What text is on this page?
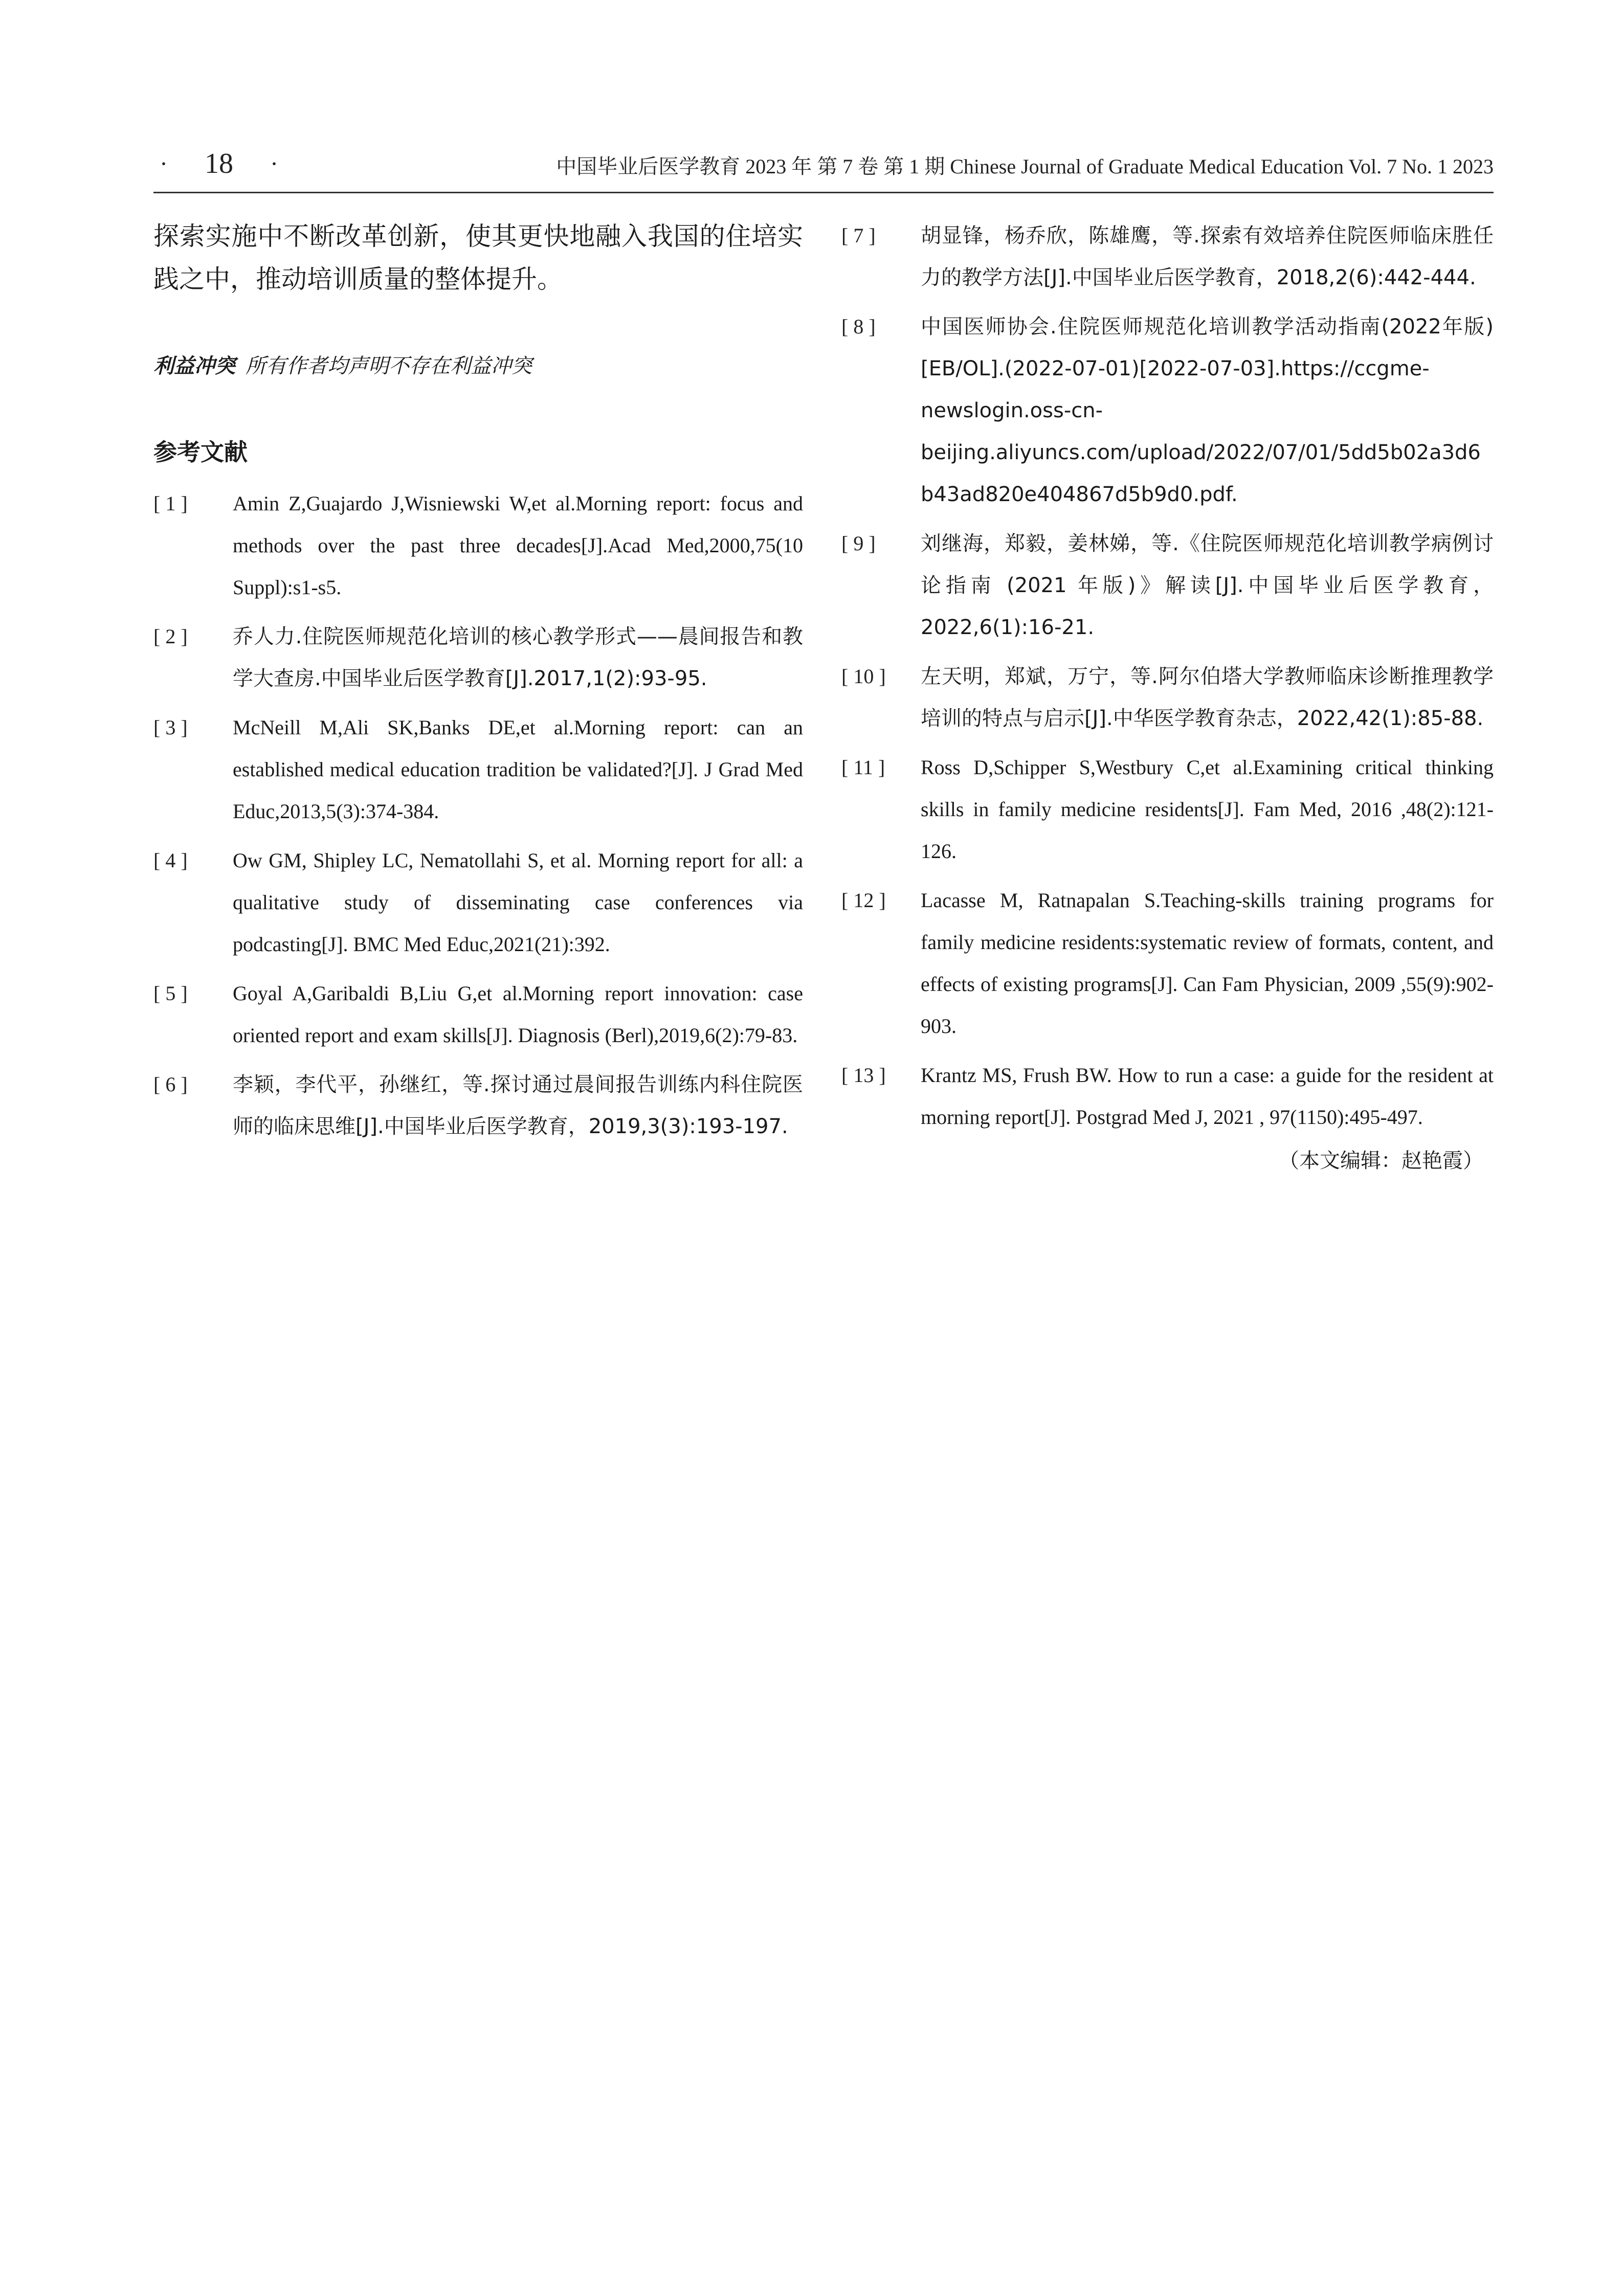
· 18 ·	中国毕业后医学教育 2023 年 第 7 卷 第 1 期 Chinese Journal of Graduate Medical Education Vol. 7 No. 1 2023

探索实施中不断改革创新，使其更快地融入我国的住培实践之中，推动培训质量的整体提升。

利益冲突 所有作者均声明不存在利益冲突
参考文献
[ 1 ]	Amin Z,Guajardo J,Wisniewski W,et al.Morning report: focus and methods over the past three decades[J].Acad Med,2000,75(10 Suppl):s1-s5.
[ 2 ]	乔人力.住院医师规范化培训的核心教学形式——晨间报告和教学大查房.中国毕业后医学教育[J].2017,1(2):93-95.
[ 3 ]	McNeill M,Ali SK,Banks DE,et al.Morning report: can an established medical education tradition be validated?[J]. J Grad Med Educ,2013,5(3):374-384.
[ 4 ]	Ow GM, Shipley LC, Nematollahi S, et al. Morning report for all: a qualitative study of disseminating case conferences via podcasting[J]. BMC Med Educ,2021(21):392.
[ 5 ]	Goyal A,Garibaldi B,Liu G,et al.Morning report innovation: case oriented report and exam skills[J]. Diagnosis (Berl),2019,6(2):79-83.
[ 6 ]	李颖，李代平，孙继红，等.探讨通过晨间报告训练内科住院医师的临床思维[J].中国毕业后医学教育，2019,3(3):193-197.
[ 7 ]	胡显锋，杨乔欣，陈雄鹰，等.探索有效培养住院医师临床胜任力的教学方法[J].中国毕业后医学教育，2018,2(6):442-444.
[ 8 ]	中国医师协会.住院医师规范化培训教学活动指南(2022年版)[EB/OL].(2022-07-01)[2022-07-03].https://ccgme-newslogin.oss-cn-beijing.aliyuncs.com/upload/2022/07/01/5dd5b02a3d6b43ad820e404867d5b9d0.pdf.
[ 9 ]	刘继海，郑毅，姜林娣，等.《住院医师规范化培训教学病例讨论指南 (2021 年版)》解读[J].中国毕业后医学教育，2022,6(1):16-21.
[ 10 ]	左天明，郑斌，万宁，等.阿尔伯塔大学教师临床诊断推理教学培训的特点与启示[J].中华医学教育杂志，2022,42(1):85-88.
[ 11 ]	Ross D,Schipper S,Westbury C,et al.Examining critical thinking skills in family medicine residents[J]. Fam Med, 2016 ,48(2):121-126.
[ 12 ]	Lacasse M, Ratnapalan S.Teaching-skills training programs for family medicine residents:systematic review of formats, content, and effects of existing programs[J]. Can Fam Physician, 2009 ,55(9):902-903.
[ 13 ]	Krantz MS, Frush BW. How to run a case: a guide for the resident at morning report[J]. Postgrad Med J, 2021 , 97(1150):495-497.
（本文编辑：赵艳霞）
